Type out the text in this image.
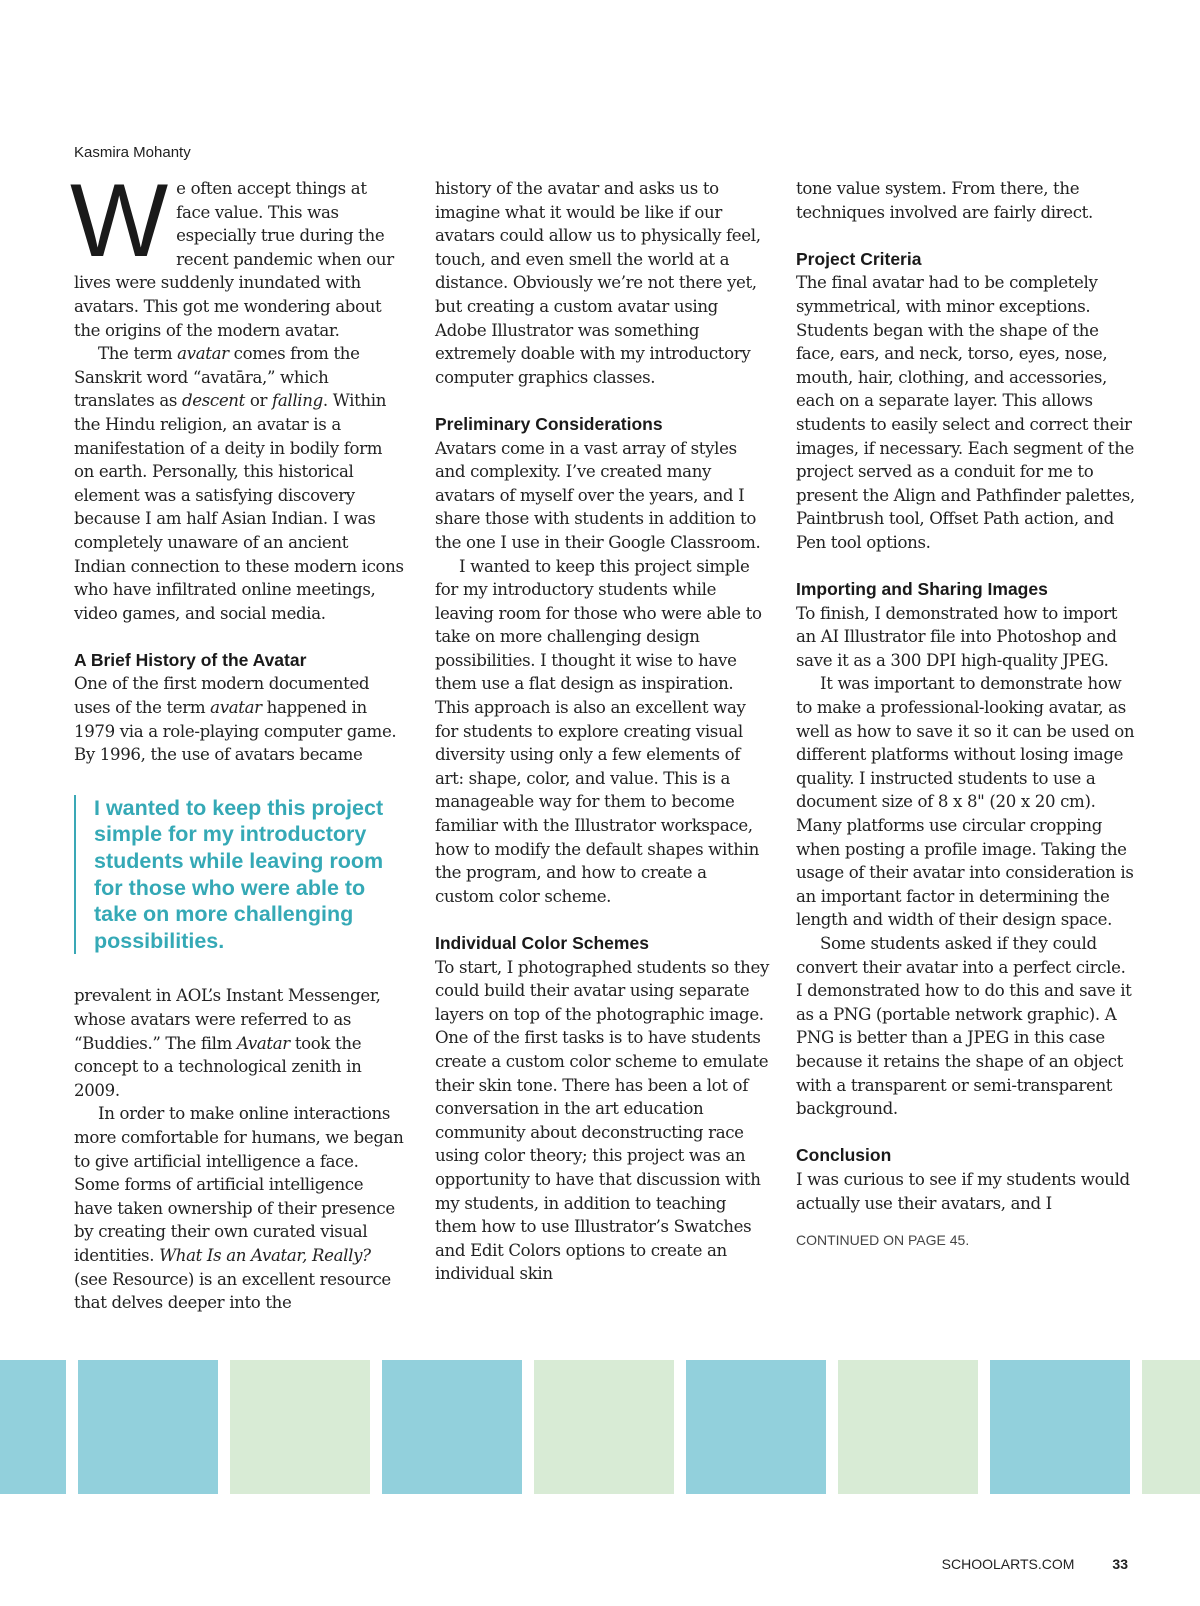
Kasmira Mohanty

We often accept things at face value. This was especially true during the recent pandemic when our lives were suddenly inundated with avatars. This got me wondering about the origins of the modern avatar.

The term avatar comes from the Sanskrit word “avatāra,” which translates as descent or falling. Within the Hindu religion, an avatar is a manifestation of a deity in bodily form on earth. Personally, this historical element was a satisfying discovery because I am half Asian Indian. I was completely unaware of an ancient Indian connection to these modern icons who have infiltrated online meetings, video games, and social media.

A Brief History of the Avatar

One of the first modern documented uses of the term avatar happened in 1979 via a role-playing computer game. By 1996, the use of avatars became

I wanted to keep this project simple for my introductory students while leaving room for those who were able to take on more challenging possibilities.

prevalent in AOL’s Instant Messenger, whose avatars were referred to as “Buddies.” The film Avatar took the concept to a technological zenith in 2009.

In order to make online interactions more comfortable for humans, we began to give artificial intelligence a face. Some forms of artificial intelligence have taken ownership of their presence by creating their own curated visual identities. What Is an Avatar, Really? (see Resource) is an excellent resource that delves deeper into the

history of the avatar and asks us to imagine what it would be like if our avatars could allow us to physically feel, touch, and even smell the world at a distance. Obviously we’re not there yet, but creating a custom avatar using Adobe Illustrator was something extremely doable with my introductory computer graphics classes.

Preliminary Considerations

Avatars come in a vast array of styles and complexity. I’ve created many avatars of myself over the years, and I share those with students in addition to the one I use in their Google Classroom.

I wanted to keep this project simple for my introductory students while leaving room for those who were able to take on more challenging design possibilities. I thought it wise to have them use a flat design as inspiration. This approach is also an excellent way for students to explore creating visual diversity using only a few elements of art: shape, color, and value. This is a manageable way for them to become familiar with the Illustrator workspace, how to modify the default shapes within the program, and how to create a custom color scheme.

Individual Color Schemes

To start, I photographed students so they could build their avatar using separate layers on top of the photographic image. One of the first tasks is to have students create a custom color scheme to emulate their skin tone. There has been a lot of conversation in the art education community about deconstructing race using color theory; this project was an opportunity to have that discussion with my students, in addition to teaching them how to use Illustrator’s Swatches and Edit Colors options to create an individual skin

tone value system. From there, the techniques involved are fairly direct.

Project Criteria

The final avatar had to be completely symmetrical, with minor exceptions. Students began with the shape of the face, ears, and neck, torso, eyes, nose, mouth, hair, clothing, and accessories, each on a separate layer. This allows students to easily select and correct their images, if necessary. Each segment of the project served as a conduit for me to present the Align and Pathfinder palettes, Paintbrush tool, Offset Path action, and Pen tool options.

Importing and Sharing Images

To finish, I demonstrated how to import an AI Illustrator file into Photoshop and save it as a 300 DPI high-quality JPEG.

It was important to demonstrate how to make a professional-looking avatar, as well as how to save it so it can be used on different platforms without losing image quality. I instructed students to use a document size of 8 x 8" (20 x 20 cm). Many platforms use circular cropping when posting a profile image. Taking the usage of their avatar into consideration is an important factor in determining the length and width of their design space.

Some students asked if they could convert their avatar into a perfect circle. I demonstrated how to do this and save it as a PNG (portable network graphic). A PNG is better than a JPEG in this case because it retains the shape of an object with a transparent or semi-transparent background.

Conclusion

I was curious to see if my students would actually use their avatars, and I

CONTINUED ON PAGE 45.
SCHOOLARTS.COM	33
